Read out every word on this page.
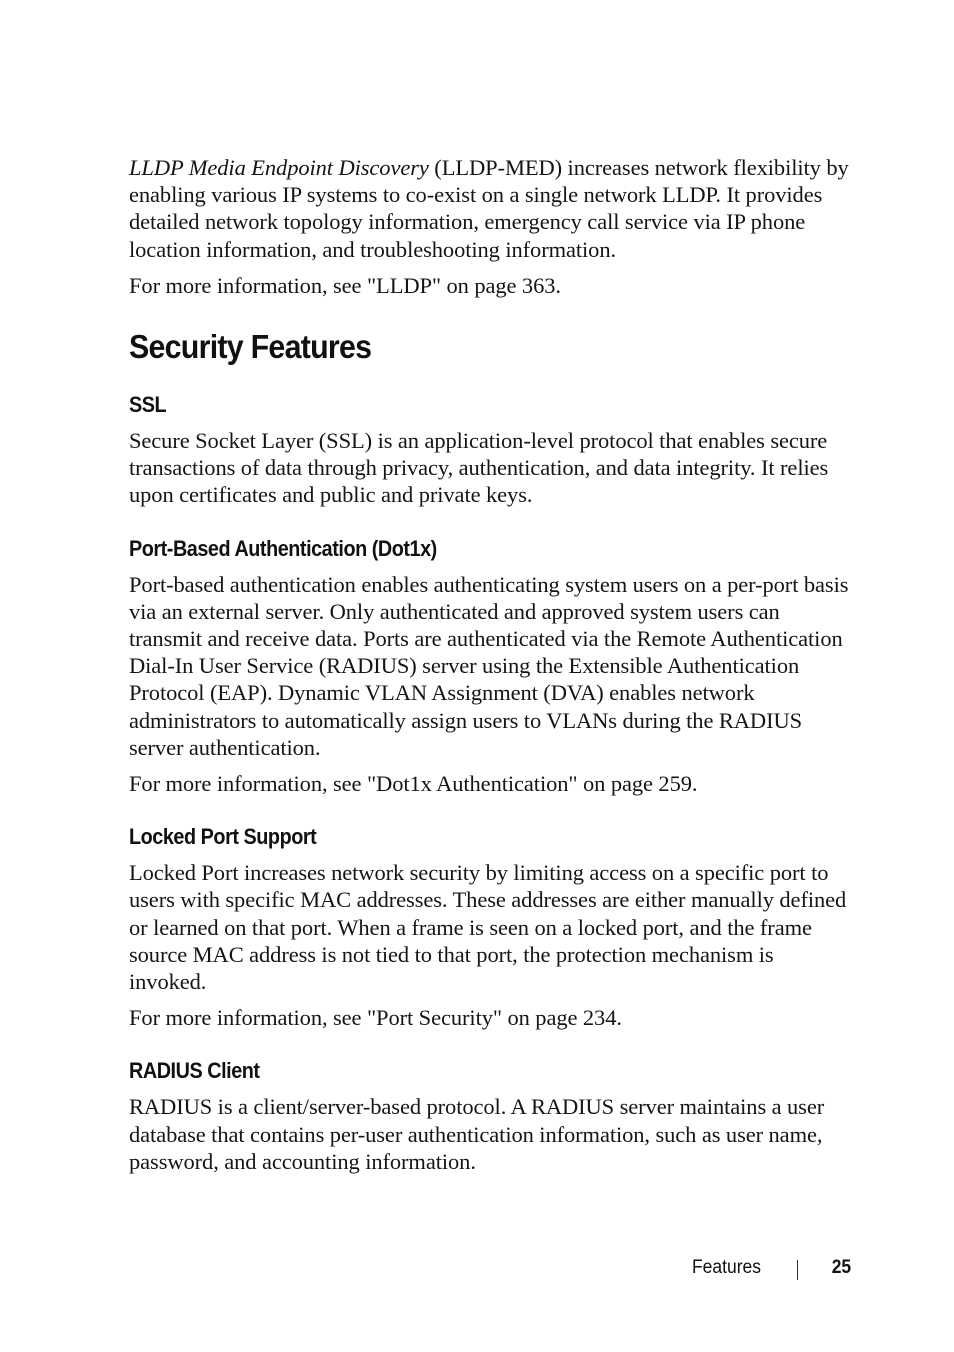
LLDP Media Endpoint Discovery (LLDP-MED) increases network flexibility by enabling various IP systems to co-exist on a single network LLDP. It provides detailed network topology information, emergency call service via IP phone location information, and troubleshooting information.

For more information, see "LLDP" on page 363.

Security Features
SSL

Secure Socket Layer (SSL) is an application-level protocol that enables secure transactions of data through privacy, authentication, and data integrity. It relies upon certificates and public and private keys.

Port-Based Authentication (Dot1x)

Port-based authentication enables authenticating system users on a per-port basis via an external server. Only authenticated and approved system users can transmit and receive data. Ports are authenticated via the Remote Authentication Dial-In User Service (RADIUS) server using the Extensible Authentication Protocol (EAP). Dynamic VLAN Assignment (DVA) enables network administrators to automatically assign users to VLANs during the RADIUS server authentication.

For more information, see "Dot1x Authentication" on page 259.

Locked Port Support

Locked Port increases network security by limiting access on a specific port to users with specific MAC addresses. These addresses are either manually defined or learned on that port. When a frame is seen on a locked port, and the frame source MAC address is not tied to that port, the protection mechanism is invoked.

For more information, see "Port Security" on page 234.

RADIUS Client

RADIUS is a client/server-based protocol. A RADIUS server maintains a user database that contains per-user authentication information, such as user name, password, and accounting information.

Features	25
